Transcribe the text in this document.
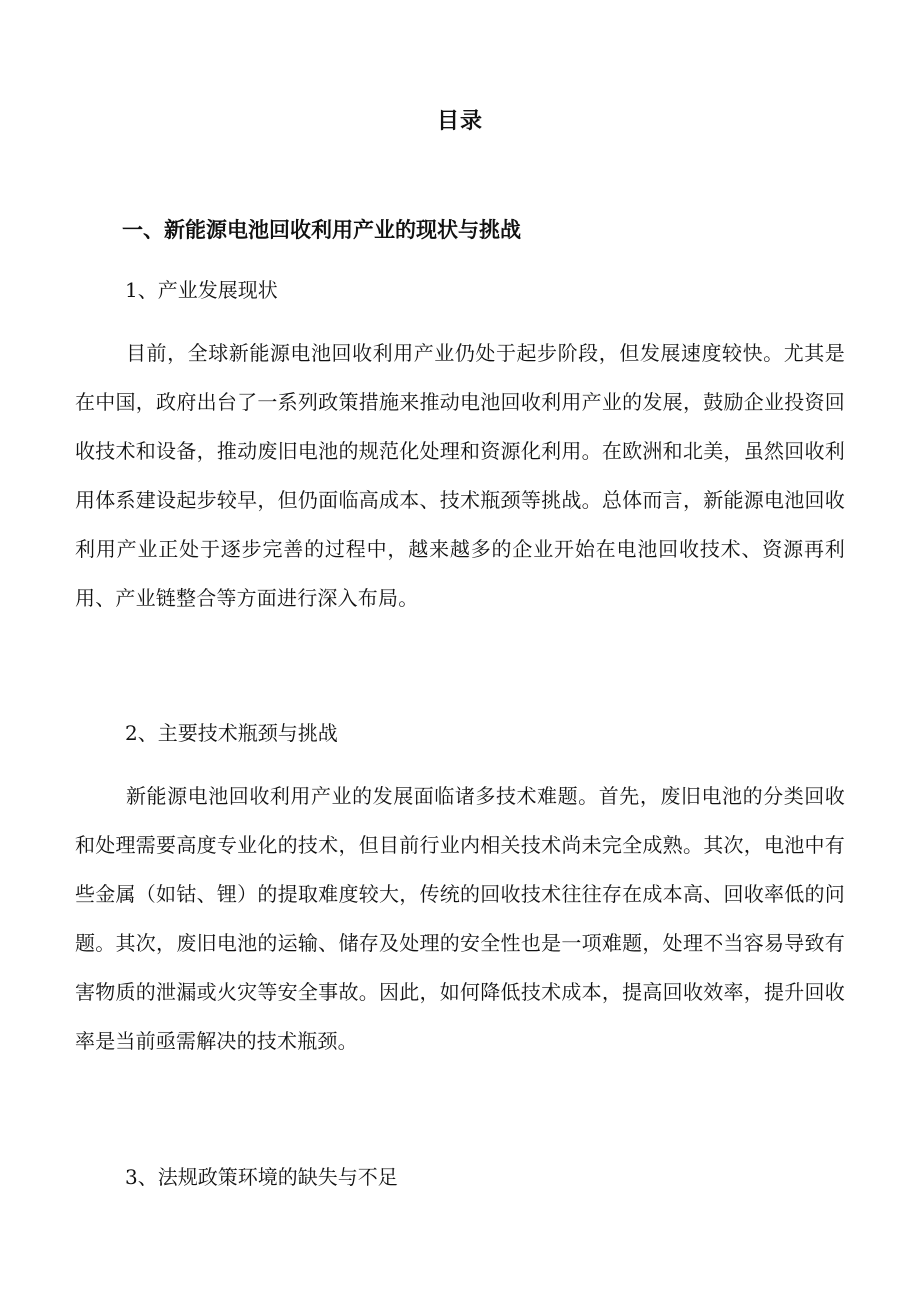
目录
一、新能源电池回收利用产业的现状与挑战
1、产业发展现状
目前，全球新能源电池回收利用产业仍处于起步阶段，但发展速度较快。尤其是在中国，政府出台了一系列政策措施来推动电池回收利用产业的发展，鼓励企业投资回收技术和设备，推动废旧电池的规范化处理和资源化利用。在欧洲和北美，虽然回收利用体系建设起步较早，但仍面临高成本、技术瓶颈等挑战。总体而言，新能源电池回收利用产业正处于逐步完善的过程中，越来越多的企业开始在电池回收技术、资源再利用、产业链整合等方面进行深入布局。
2、主要技术瓶颈与挑战
新能源电池回收利用产业的发展面临诸多技术难题。首先，废旧电池的分类回收和处理需要高度专业化的技术，但目前行业内相关技术尚未完全成熟。其次，电池中有些金属（如钴、锂）的提取难度较大，传统的回收技术往往存在成本高、回收率低的问题。其次，废旧电池的运输、储存及处理的安全性也是一项难题，处理不当容易导致有害物质的泄漏或火灾等安全事故。因此，如何降低技术成本，提高回收效率，提升回收率是当前亟需解决的技术瓶颈。
3、法规政策环境的缺失与不足
